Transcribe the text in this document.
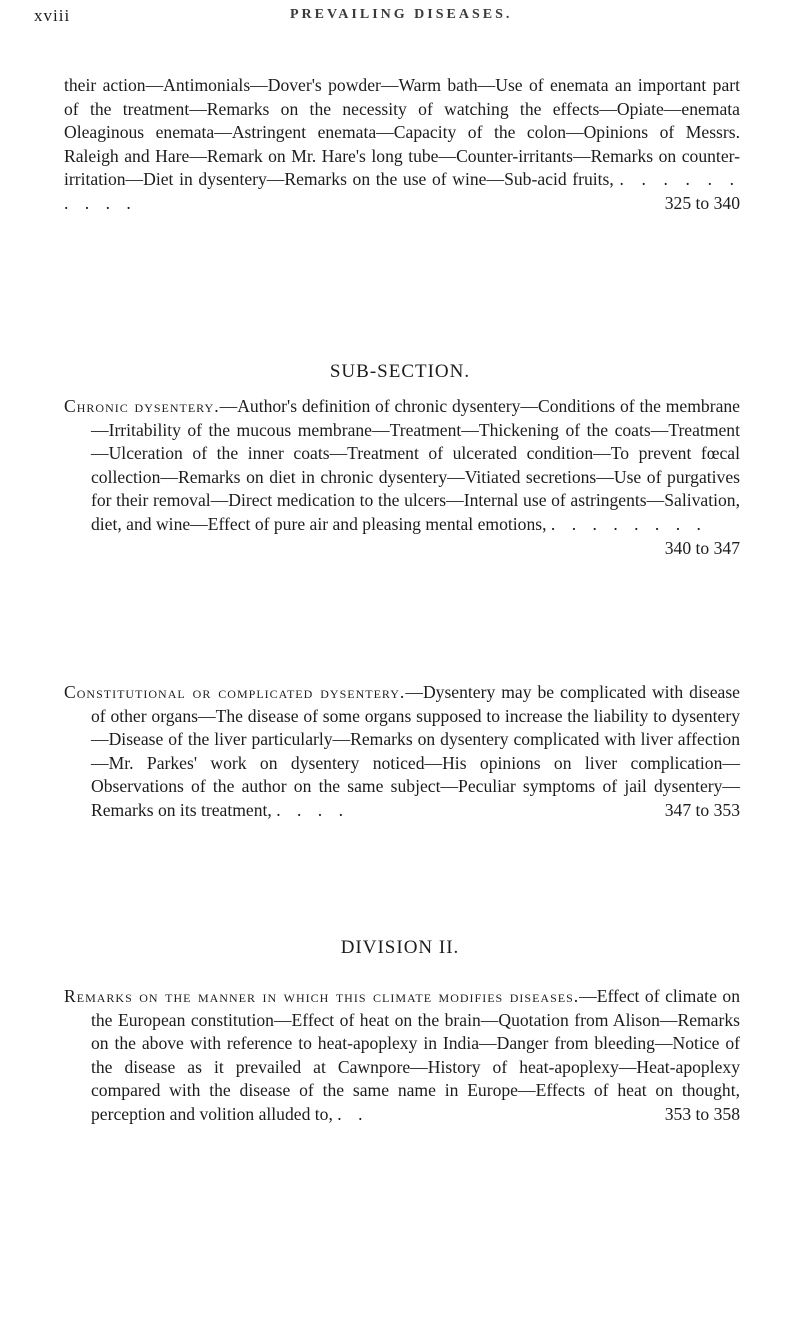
xviii	PREVAILING DISEASES.

their action—Antimonials—Dover's powder—Warm bath—Use of enemata an important part of the treatment—Remarks on the necessity of watching the effects—Opiate—enemata Oleaginous enemata—Astringent enemata—Capacity of the colon—Opinions of Messrs. Raleigh and Hare—Remark on Mr. Hare's long tube—Counter-irritants—Remarks on counter-irritation—Diet in dysentery—Remarks on the use of wine—Sub-acid fruits, . . . . . . . . . .	325 to 340

SUB-SECTION.

Chronic dysentery.—Author's definition of chronic dysentery—Conditions of the membrane—Irritability of the mucous membrane—Treatment—Thickening of the coats—Treatment—Ulceration of the inner coats—Treatment of ulcerated condition—To prevent fœcal collection—Remarks on diet in chronic dysentery—Vitiated secretions—Use of purgatives for their removal—Direct medication to the ulcers—Internal use of astringents—Salivation, diet, and wine—Effect of pure air and pleasing mental emotions, . . . . . . . .
340 to 347

Constitutional or complicated dysentery.—Dysentery may be complicated with disease of other organs—The disease of some organs supposed to increase the liability to dysentery—Disease of the liver particularly—Remarks on dysentery complicated with liver affection—Mr. Parkes' work on dysentery noticed—His opinions on liver complication—Observations of the author on the same subject—Peculiar symptoms of jail dysentery—Remarks on its treatment, . . . .	347 to 353

DIVISION II.

Remarks on the manner in which this climate modifies diseases.—Effect of climate on the European constitution—Effect of heat on the brain—Quotation from Alison—Remarks on the above with reference to heat-apoplexy in India—Danger from bleeding—Notice of the disease as it prevailed at Cawnpore—History of heat-apoplexy—Heat-apoplexy compared with the disease of the same name in Europe—Effects of heat on thought, perception and volition alluded to, . .	353 to 358
